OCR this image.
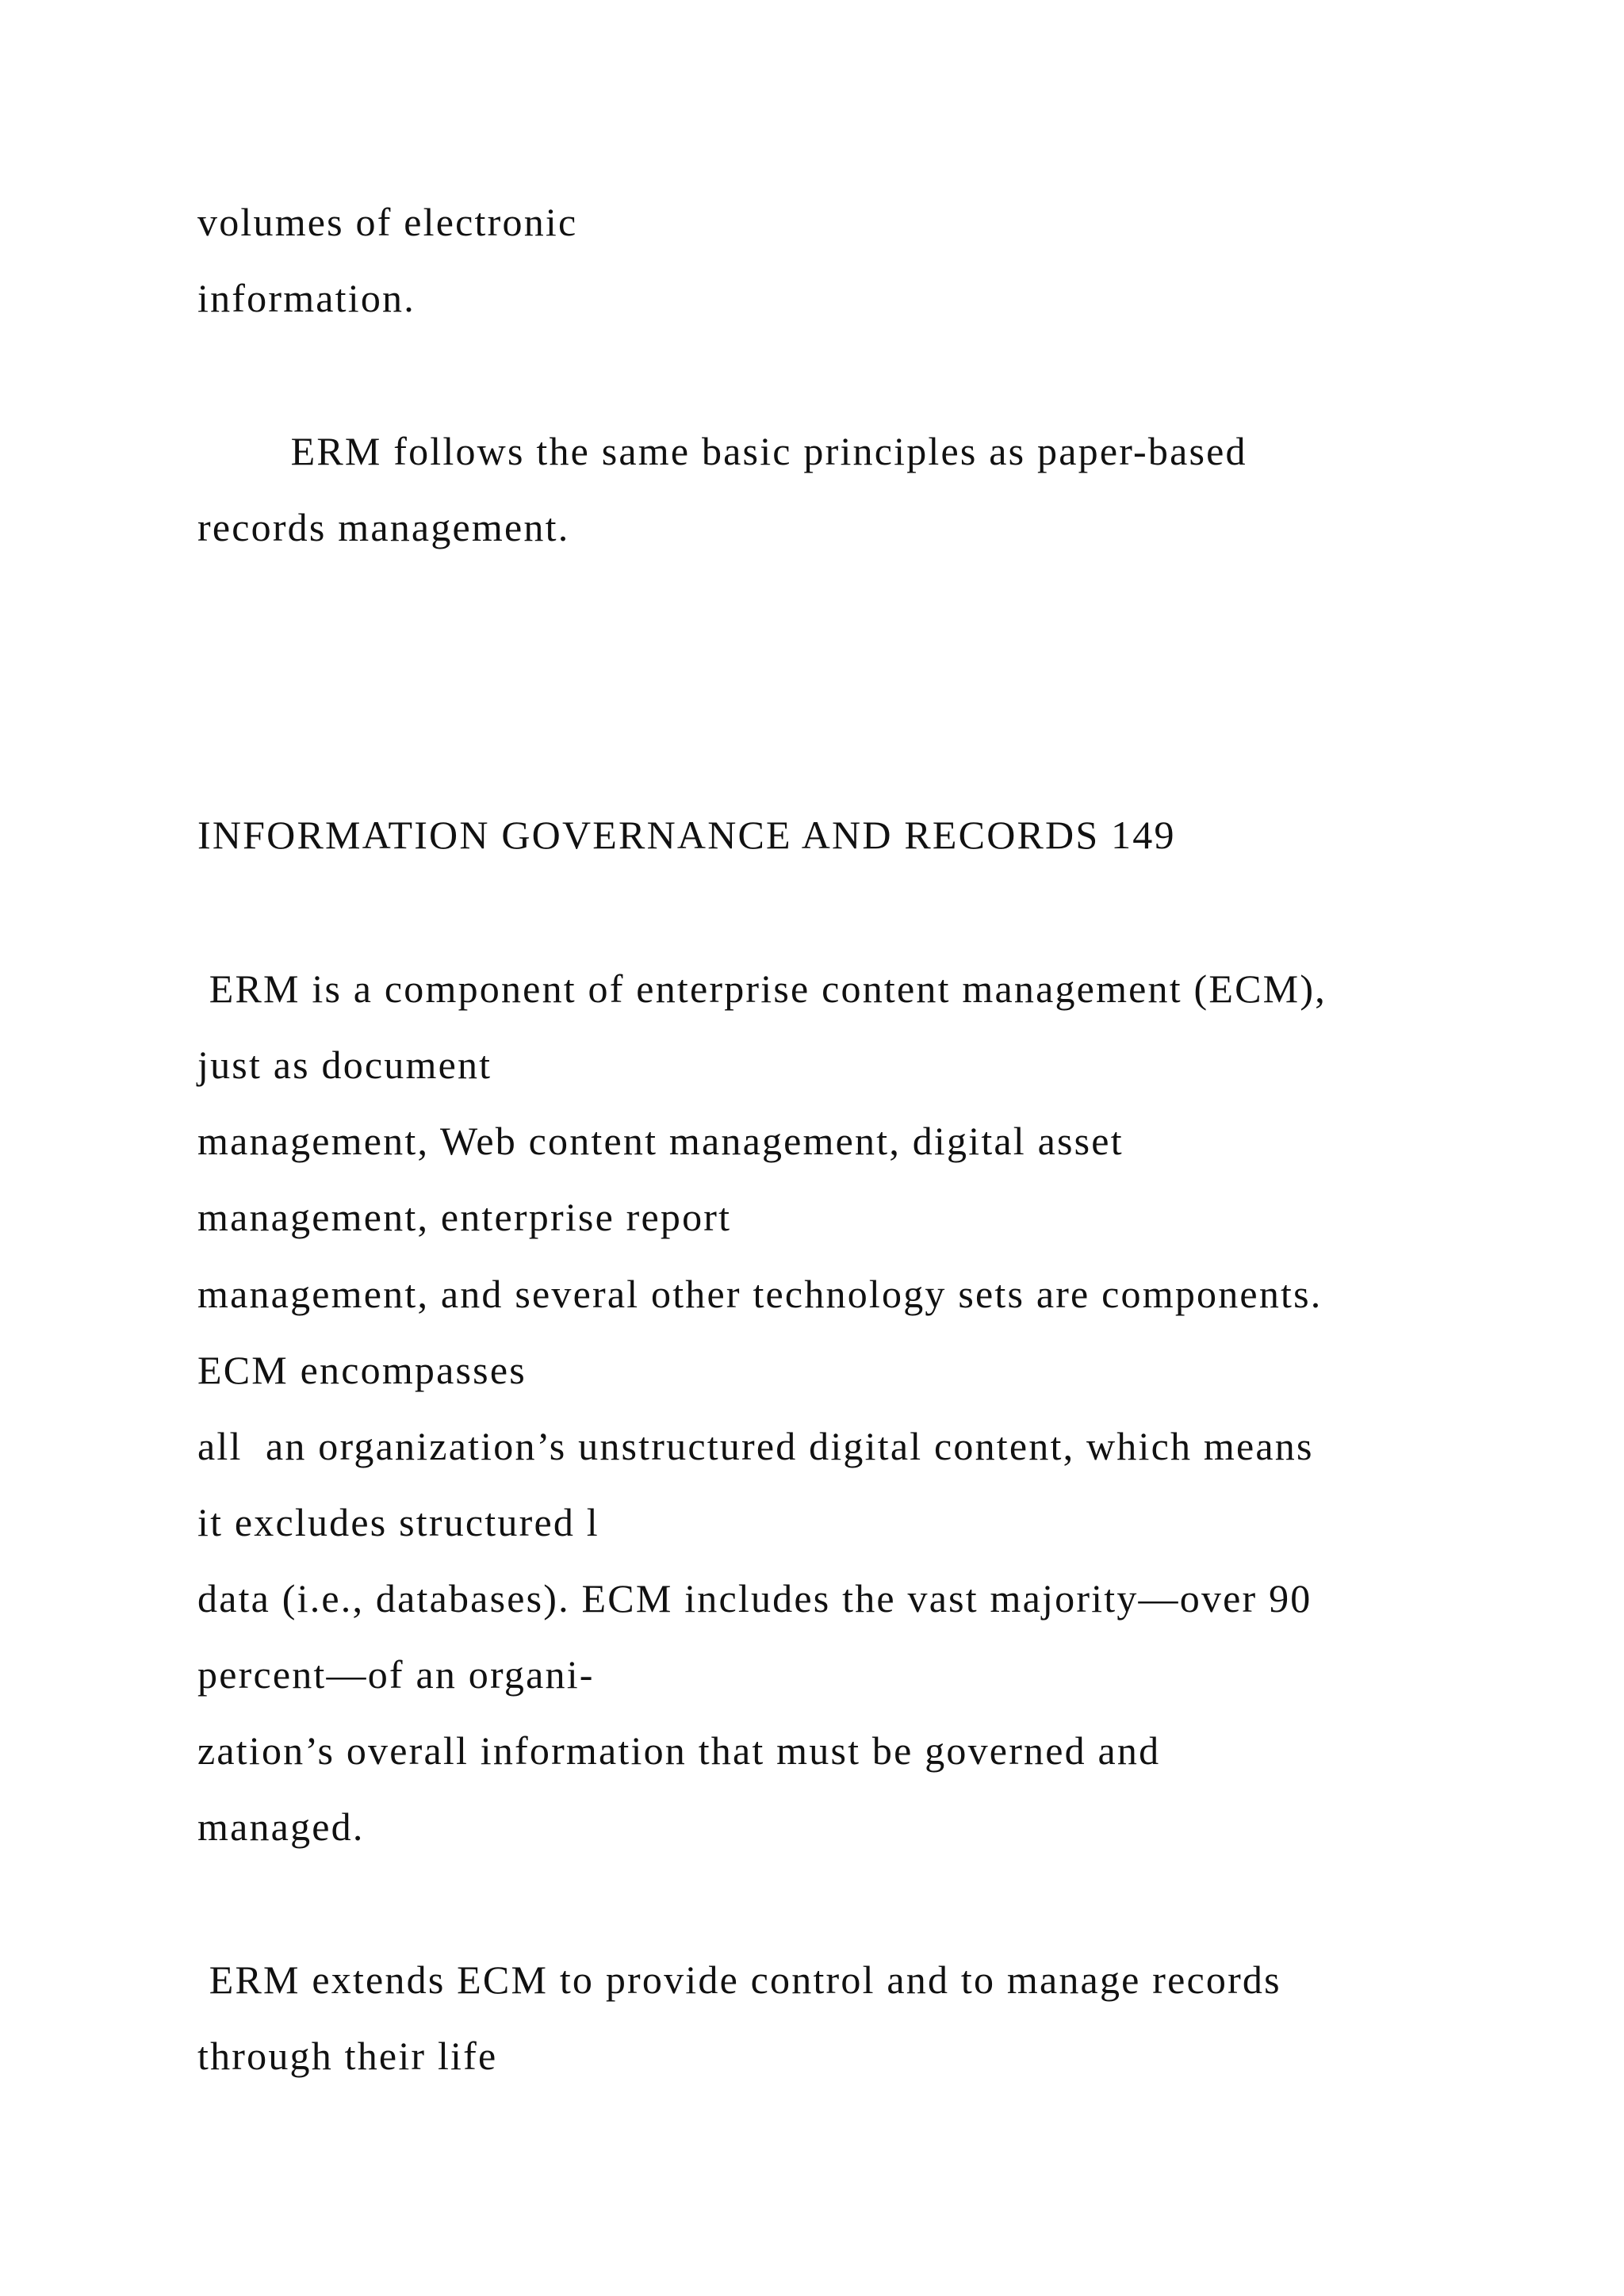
volumes of electronic
information.
ERM follows the same basic principles as paper-based
records management.
INFORMATION GOVERNANCE AND RECORDS 149
ERM is a component of enterprise content management (ECM),
just as document
management, Web content management, digital asset
management, enterprise report
management, and several other technology sets are components.
ECM encompasses
all  an organization’s unstructured digital content, which means
it excludes structured l
data (i.e., databases). ECM includes the vast majority—over 90
percent—of an organi-
zation’s overall information that must be governed and
managed.
ERM extends ECM to provide control and to manage records
through their life
